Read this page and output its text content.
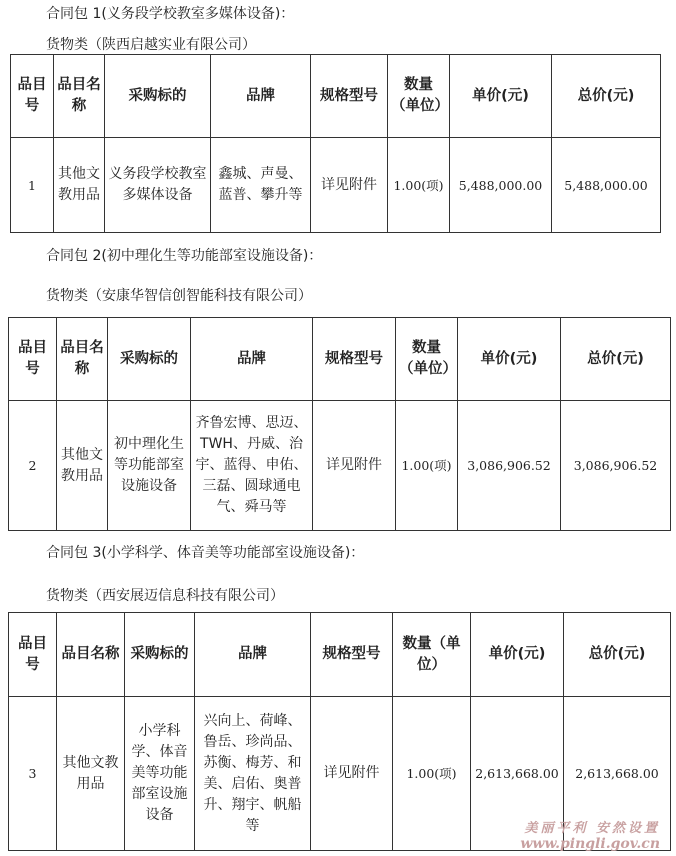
合同包 1(义务段学校教室多媒体设备)：
货物类（陕西启越实业有限公司）
品目号	品目名称	采购标的	品牌	规格型号	数量（单位）	单价(元)	总价(元)
1	其他文教用品	义务段学校教室多媒体设备	鑫城、声曼、蓝普、攀升等	详见附件	1.00(项)	5,488,000.00	5,488,000.00
合同包 2(初中理化生等功能部室设施设备)：
货物类（安康华智信创智能科技有限公司）
品目号	品目名称	采购标的	品牌	规格型号	数量（单位）	单价(元)	总价(元)
2	其他文教用品	初中理化生等功能部室设施设备	齐鲁宏博、思迈、TWH、丹威、治宇、蓝得、申佑、三磊、圆球通电气、舜马等	详见附件	1.00(项)	3,086,906.52	3,086,906.52
合同包 3(小学科学、体音美等功能部室设施设备)：
货物类（西安展迈信息科技有限公司）
品目号	品目名称	采购标的	品牌	规格型号	数量（单位）	单价(元)	总价(元)
3	其他文教用品	小学科学、体音美等功能部室设施设备	兴向上、荷峰、鲁岳、珍尚品、苏衡、梅芳、和美、启佑、奥普升、翔宇、帆船等	详见附件	1.00(项)	2,613,668.00	2,613,668.00
美丽平利 安然设置
www.pingli.gov.cn
